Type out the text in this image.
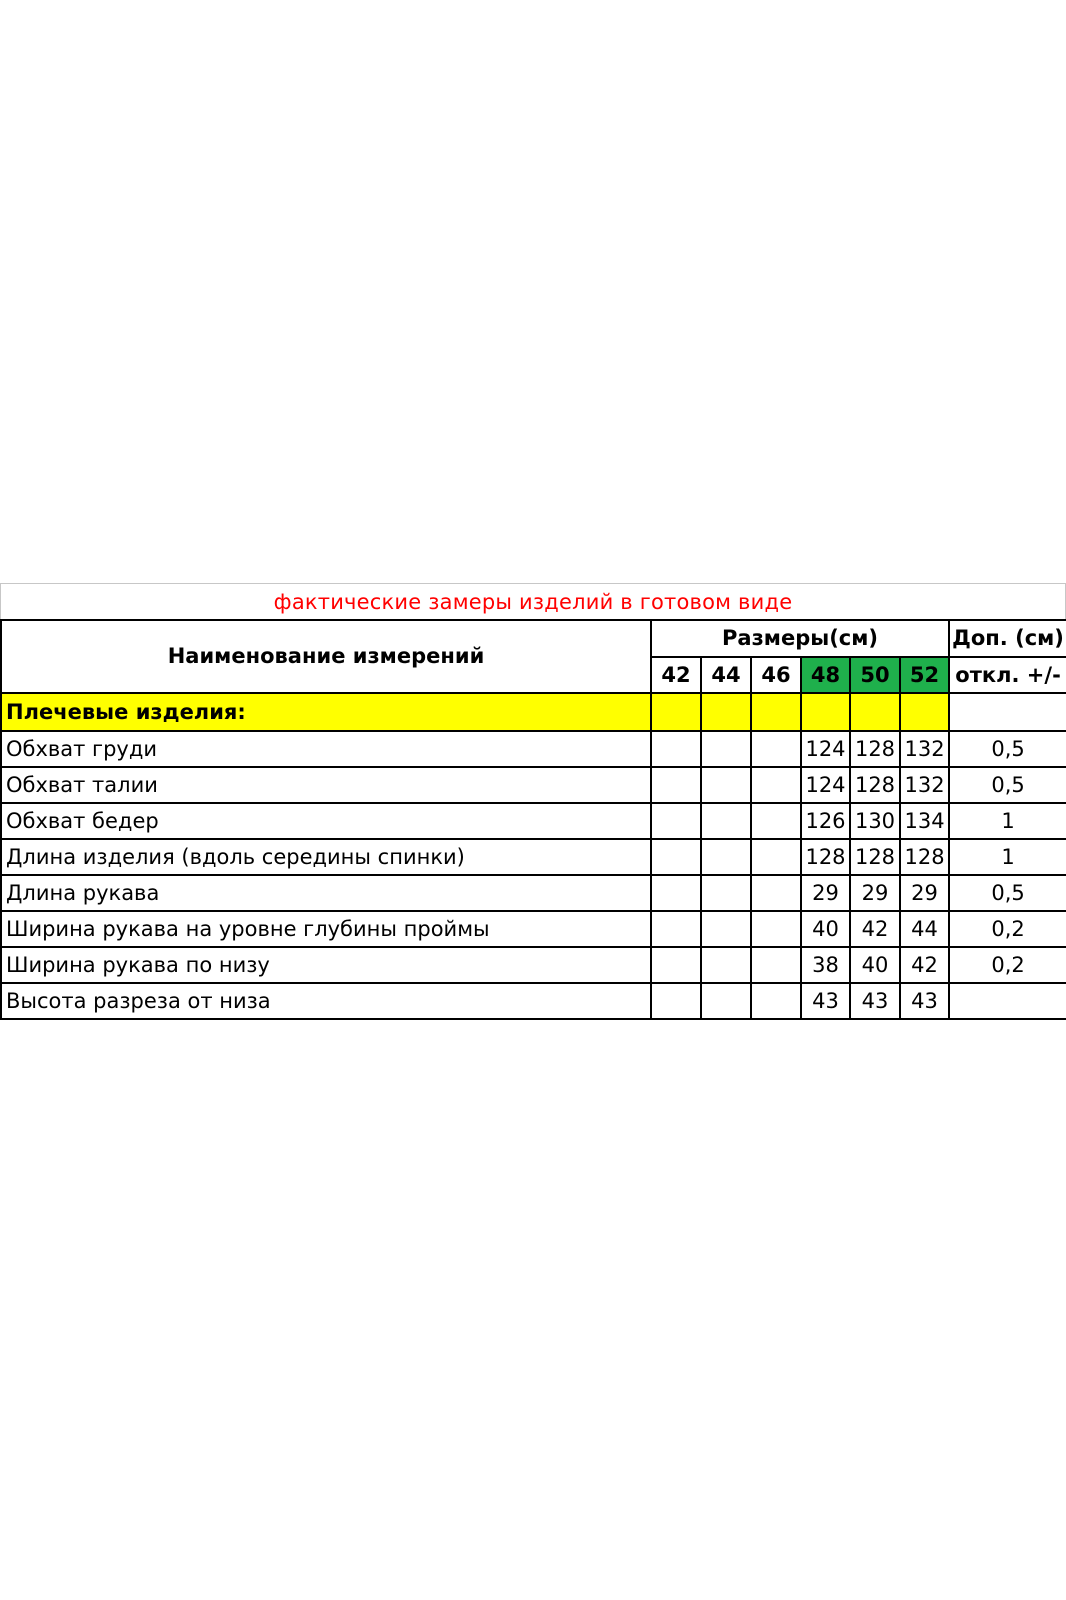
фактические замеры изделий в готовом виде
Наименование измерений	Размеры(см)						Доп. (см)
	42	44	46	48	50	52	откл. +/-
Плечевые изделия:							
Обхват груди				124	128	132	0,5
Обхват талии				124	128	132	0,5
Обхват бедер				126	130	134	1
Длина изделия (вдоль середины спинки)				128	128	128	1
Длина рукава				29	29	29	0,5
Ширина рукава на уровне глубины проймы				40	42	44	0,2
Ширина рукава по низу				38	40	42	0,2
Высота разреза от низа				43	43	43	
